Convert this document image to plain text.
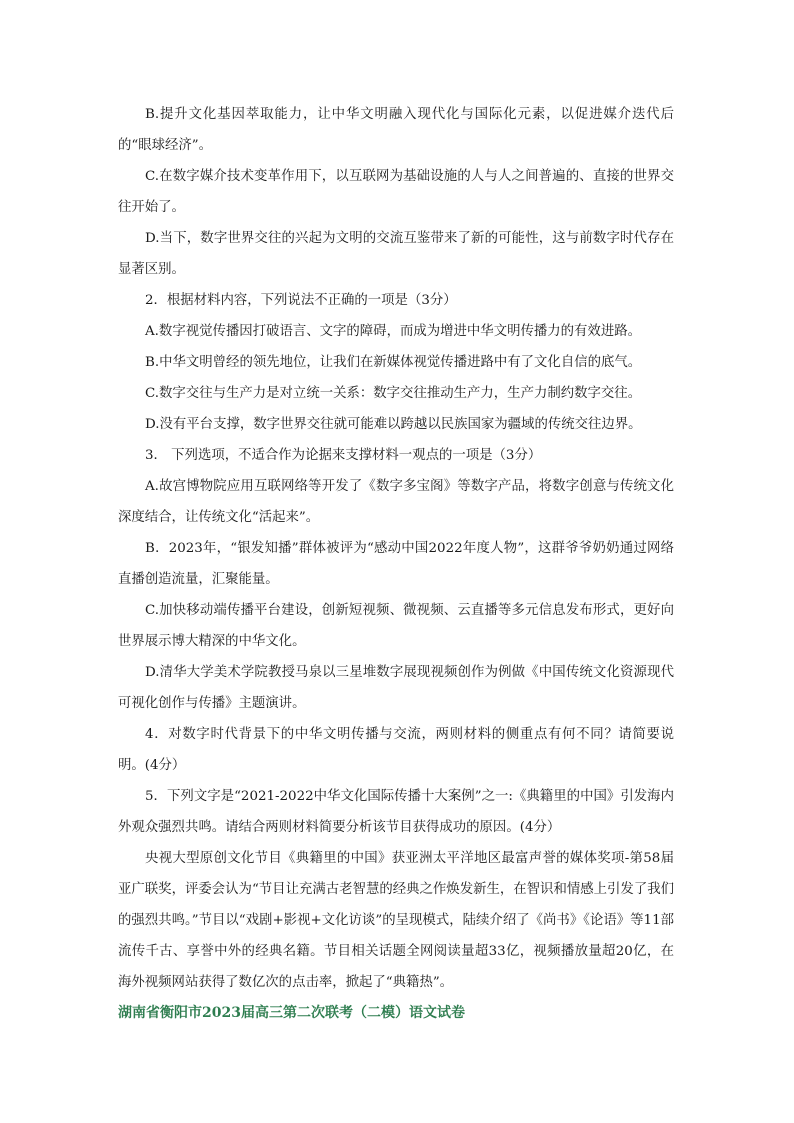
B.提升文化基因萃取能力，让中华文明融入现代化与国际化元素，以促进媒介迭代后的“眼球经济”。

C.在数字媒介技术变革作用下，以互联网为基础设施的人与人之间普遍的、直接的世界交往开始了。

D.当下，数字世界交往的兴起为文明的交流互鉴带来了新的可能性，这与前数字时代存在显著区别。

2．根据材料内容，下列说法不正确的一项是（3分）

A.数字视觉传播因打破语言、文字的障碍，而成为增进中华文明传播力的有效进路。

B.中华文明曾经的领先地位，让我们在新媒体视觉传播进路中有了文化自信的底气。

C.数字交往与生产力是对立统一关系：数字交往推动生产力，生产力制约数字交往。

D.没有平台支撑，数字世界交往就可能难以跨越以民族国家为疆域的传统交往边界。

3． 下列选项，不适合作为论据来支撑材料一观点的一项是（3分）

A.故宫博物院应用互联网络等开发了《数字多宝阁》等数字产品，将数字创意与传统文化深度结合，让传统文化“活起来”。

B．2023年，“银发知播”群体被评为“感动中国2022年度人物”，这群爷爷奶奶通过网络直播创造流量，汇聚能量。

C.加快移动端传播平台建设，创新短视频、微视频、云直播等多元信息发布形式，更好向世界展示博大精深的中华文化。

D.清华大学美术学院教授马泉以三星堆数字展现视频创作为例做《中国传统文化资源现代可视化创作与传播》主题演讲。

4．对数字时代背景下的中华文明传播与交流，两则材料的侧重点有何不同？请简要说明。(4分）

5．下列文字是“2021-2022中华文化国际传播十大案例”之一:《典籍里的中国》引发海内外观众强烈共鸣。请结合两则材料简要分析该节目获得成功的原因。(4分）

央视大型原创文化节目《典籍里的中国》获亚洲太平洋地区最富声誉的媒体奖项-第58届亚广联奖，评委会认为“节目让充满古老智慧的经典之作焕发新生，在智识和情感上引发了我们的强烈共鸣。”节目以“戏剧+影视+文化访谈”的呈现模式，陆续介绍了《尚书》《论语》等11部流传千古、享誉中外的经典名籍。节目相关话题全网阅读量超33亿，视频播放量超20亿，在海外视频网站获得了数亿次的点击率，掀起了“典籍热”。

湖南省衡阳市2023届高三第二次联考（二模）语文试卷
